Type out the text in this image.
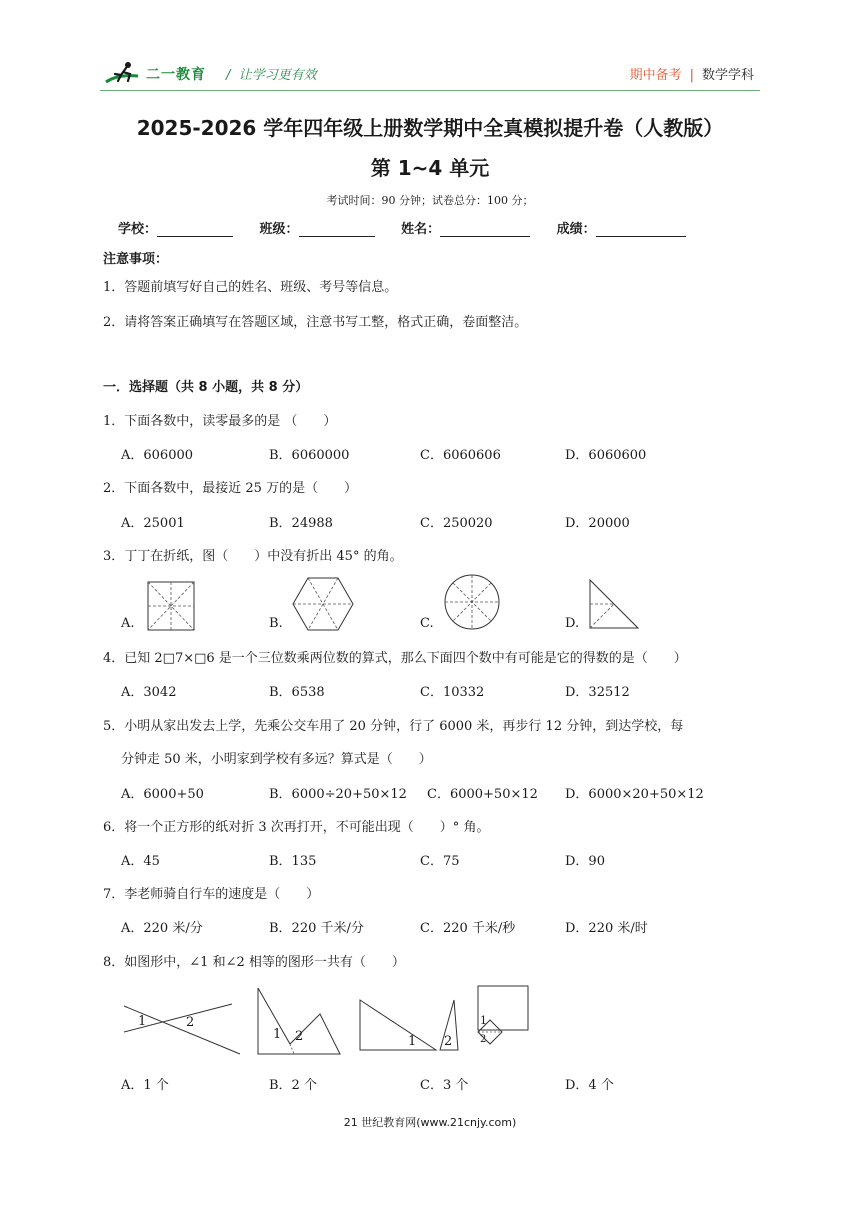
二一教育 /  让学习更有效	期中备考 | 数学学科
2025-2026 学年四年级上册数学期中全真模拟提升卷（人教版）
第 1~4 单元
考试时间：90 分钟；试卷总分：100 分；
学校：	班级：	姓名：	成绩：
注意事项：
1．答题前填写好自己的姓名、班级、考号等信息。
2．请将答案正确填写在答题区域，注意书写工整，格式正确，卷面整洁。
一．选择题（共 8 小题，共 8 分）
1．下面各数中，读零最多的是 （　　）
A．606000	B．6060000	C．6060606	D．6060600
2．下面各数中，最接近 25 万的是（　　）
A．25001	B．24988	C．250020	D．20000
3．丁丁在折纸，图（　　）中没有折出 45° 的角。
A.	B.	C.	D.
4．已知 2□7×□6 是一个三位数乘两位数的算式，那么下面四个数中有可能是它的得数的是（　　）
A．3042	B．6538	C．10332	D．32512
5．小明从家出发去上学，先乘公交车用了 20 分钟，行了 6000 米，再步行 12 分钟，到达学校，每
分钟走 50 米，小明家到学校有多远？算式是（　　）
A．6000+50	B．6000÷20+50×12 C．6000+50×12 D．6000×20+50×12
6．将一个正方形的纸对折 3 次再打开，不可能出现（　　）° 角。
A．45	B．135	C．75	D．90
7．李老师骑自行车的速度是（　　）
A．220 米/分	B．220 千米/分	C．220 千米/秒	D．220 米/时
8．如图形中，∠1 和∠2 相等的图形一共有（　　）
1	2
1 2	1 2
1
2
A．1 个	B．2 个	C．3 个	D．4 个
21 世纪教育网(www.21cnjy.com)
